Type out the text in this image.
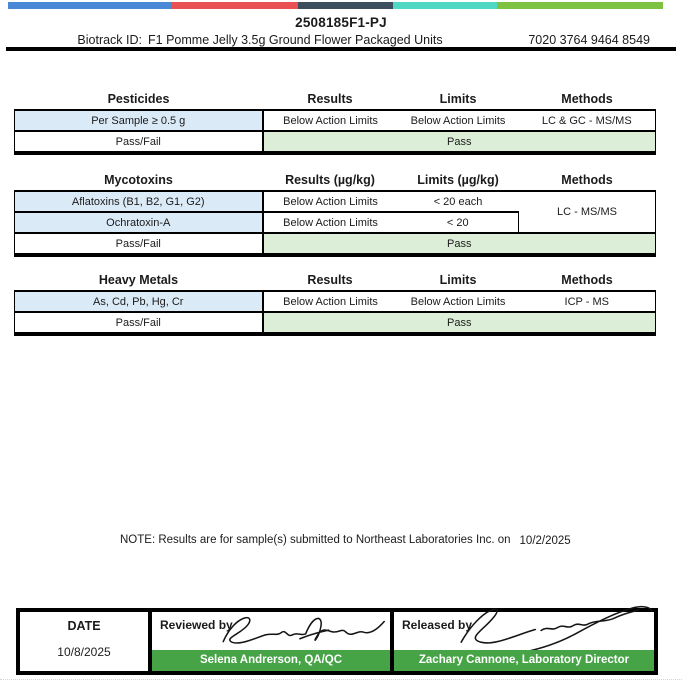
2508185F1-PJ
Biotrack ID: F1 Pomme Jelly 3.5g Ground Flower Packaged Units	7020 3764 9464 8549
Pesticides	Results	Limits	Methods
Per Sample ≥ 0.5 g	Below Action Limits	Below Action Limits	LC & GC - MS/MS
Pass/Fail	Pass		
Mycotoxins	Results (µg/kg)	Limits (µg/kg)	Methods
Aflatoxins (B1, B2, G1, G2)	Below Action Limits	< 20 each	LC - MS/MS
Ochratoxin-A	Below Action Limits	< 20	
Pass/Fail	Pass		
Heavy Metals	Results	Limits	Methods
As, Cd, Pb, Hg, Cr	Below Action Limits	Below Action Limits	ICP - MS
Pass/Fail	Pass		
NOTE: Results are for sample(s) submitted to Northeast Laboratories Inc. on 10/2/2025
DATE
10/8/2025
Reviewed by
Selena Andrerson, QA/QC
Released by
Zachary Cannone, Laboratory Director
